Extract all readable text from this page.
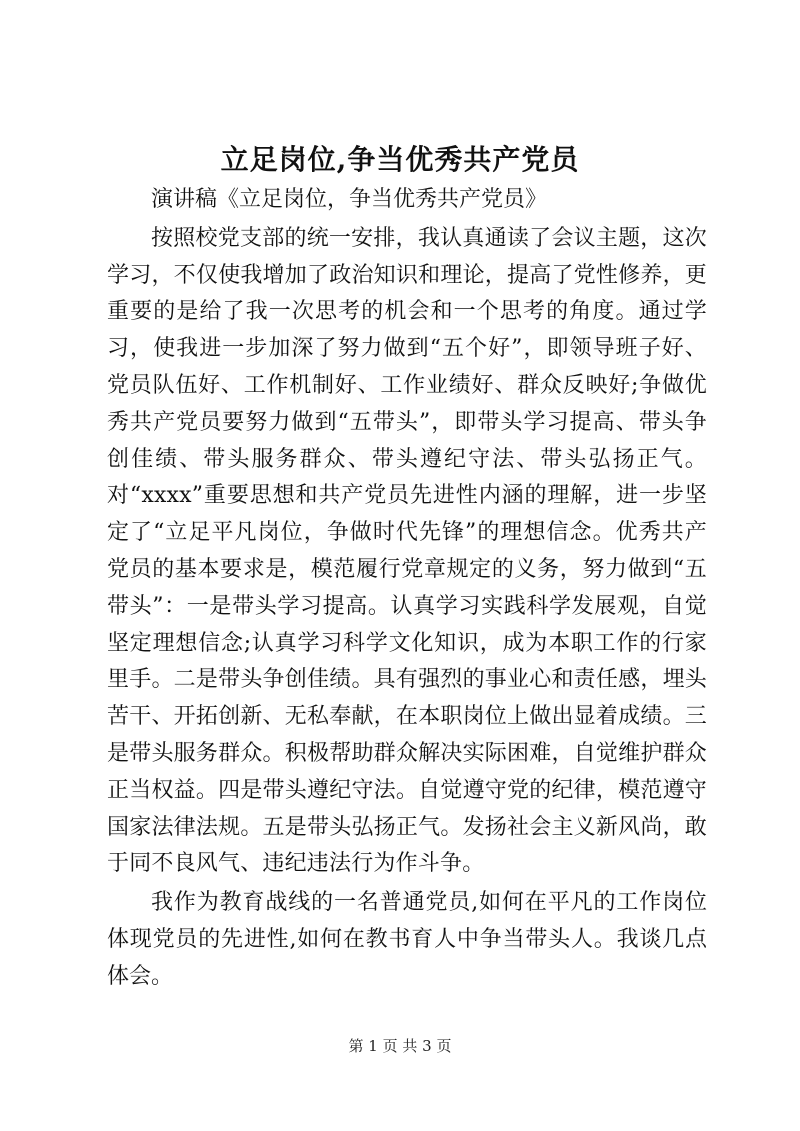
立足岗位,争当优秀共产党员

演讲稿《立足岗位，争当优秀共产党员》

按照校党支部的统一安排，我认真通读了会议主题，这次学习，不仅使我增加了政治知识和理论，提高了党性修养，更重要的是给了我一次思考的机会和一个思考的角度。通过学习，使我进一步加深了努力做到“五个好”，即领导班子好、党员队伍好、工作机制好、工作业绩好、群众反映好;争做优秀共产党员要努力做到“五带头”，即带头学习提高、带头争创佳绩、带头服务群众、带头遵纪守法、带头弘扬正气。对“xxxx”重要思想和共产党员先进性内涵的理解，进一步坚定了“立足平凡岗位，争做时代先锋”的理想信念。优秀共产党员的基本要求是，模范履行党章规定的义务，努力做到“五带头”：一是带头学习提高。认真学习实践科学发展观，自觉坚定理想信念;认真学习科学文化知识，成为本职工作的行家里手。二是带头争创佳绩。具有强烈的事业心和责任感，埋头苦干、开拓创新、无私奉献，在本职岗位上做出显着成绩。三是带头服务群众。积极帮助群众解决实际困难，自觉维护群众正当权益。四是带头遵纪守法。自觉遵守党的纪律，模范遵守国家法律法规。五是带头弘扬正气。发扬社会主义新风尚，敢于同不良风气、违纪违法行为作斗争。

我作为教育战线的一名普通党员,如何在平凡的工作岗位体现党员的先进性,如何在教书育人中争当带头人。我谈几点体会。

第 1 页 共 3 页
